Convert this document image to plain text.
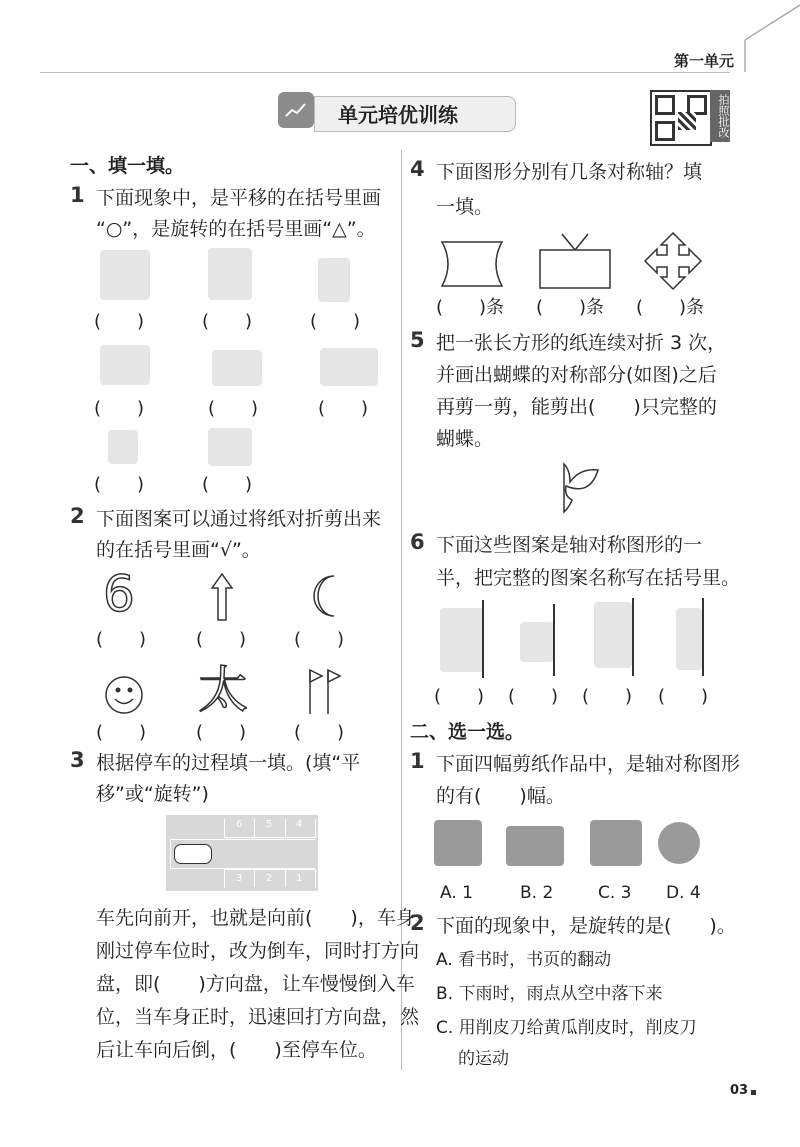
第一单元
单元培优训练	拍照批改
一、填一填。
1 下面现象中，是平移的在括号里画
“○”，是旋转的在括号里画“△”。
(　　)	(　　)	(　　)
(　　)	(　　)	(　　)
(　　)	(　　)
2 下面图案可以通过将纸对折剪出来
的在括号里画“√”。
6
(　　)	(　　)	(　　)
太
(　　)	(　　)	(　　)
3 根据停车的过程填一填。(填“平
移”或“旋转”)
6 5 4
3 2 1
车先向前开，也就是向前(　　)，车身
刚过停车位时，改为倒车，同时打方向
盘，即(　　)方向盘，让车慢慢倒入车
位，当车身正时，迅速回打方向盘，然
后让车向后倒，(　　)至停车位。
4 下面图形分别有几条对称轴？填
一填。
(　　)条 (　　)条 (　　)条
5 把一张长方形的纸连续对折 3 次，
并画出蝴蝶的对称部分(如图)之后
再剪一剪，能剪出(　　)只完整的
蝴蝶。
6 下面这些图案是轴对称图形的一
半，把完整的图案名称写在括号里。
(　　) (　　) (　　) (　　)
二、选一选。
1 下面四幅剪纸作品中，是轴对称图形
的有(　　)幅。
A. 1	B. 2	C. 3 D. 4
2 下面的现象中，是旋转的是(　　)。
A. 看书时，书页的翻动
B. 下雨时，雨点从空中落下来
C. 用削皮刀给黄瓜削皮时，削皮刀
的运动
03
